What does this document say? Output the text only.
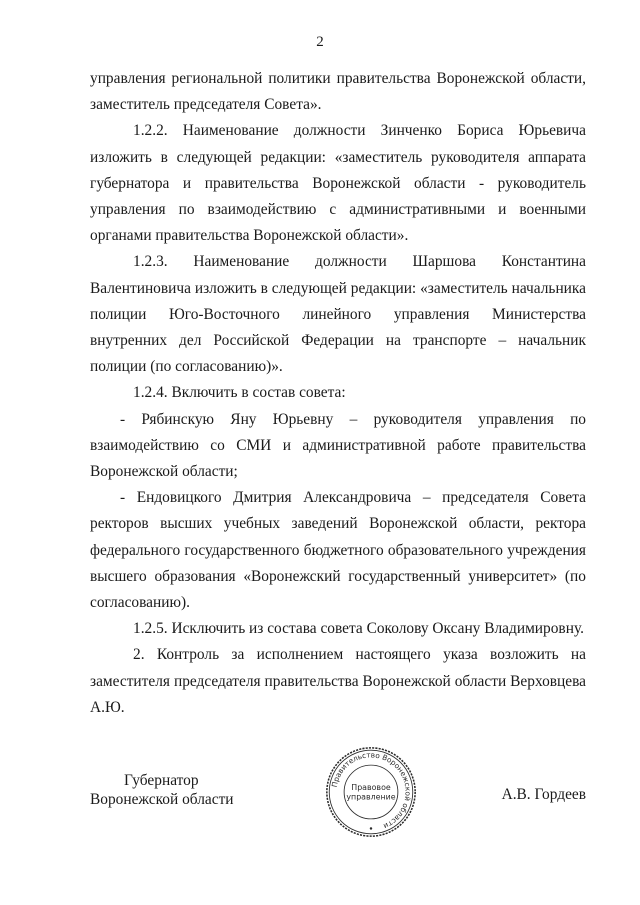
2

управления региональной политики правительства Воронежской области, заместитель председателя Совета».

1.2.2. Наименование должности Зинченко Бориса Юрьевича изложить в следующей редакции: «заместитель руководителя аппарата губернатора и правительства Воронежской области - руководитель управления по взаимодействию с административными и военными органами правительства Воронежской области».

1.2.3. Наименование должности Шаршова Константина Валентиновича изложить в следующей редакции: «заместитель начальника полиции Юго-Восточного линейного управления Министерства внутренних дел Российской Федерации на транспорте – начальник полиции (по согласованию)».

1.2.4. Включить в состав совета:

- Рябинскую Яну Юрьевну – руководителя управления по взаимодействию со СМИ и административной работе правительства Воронежской области;

- Ендовицкого Дмитрия Александровича – председателя Совета ректоров высших учебных заведений Воронежской области, ректора федерального государственного бюджетного образовательного учреждения высшего образования «Воронежский государственный университет» (по согласованию).

1.2.5. Исключить из состава совета Соколову Оксану Владимировну.

2. Контроль за исполнением настоящего указа возложить на заместителя председателя правительства Воронежской области Верховцева А.Ю.

Губернатор
Воронежской области	А.В. Гордеев
Правительство Воронежской области
Правовое
управление
